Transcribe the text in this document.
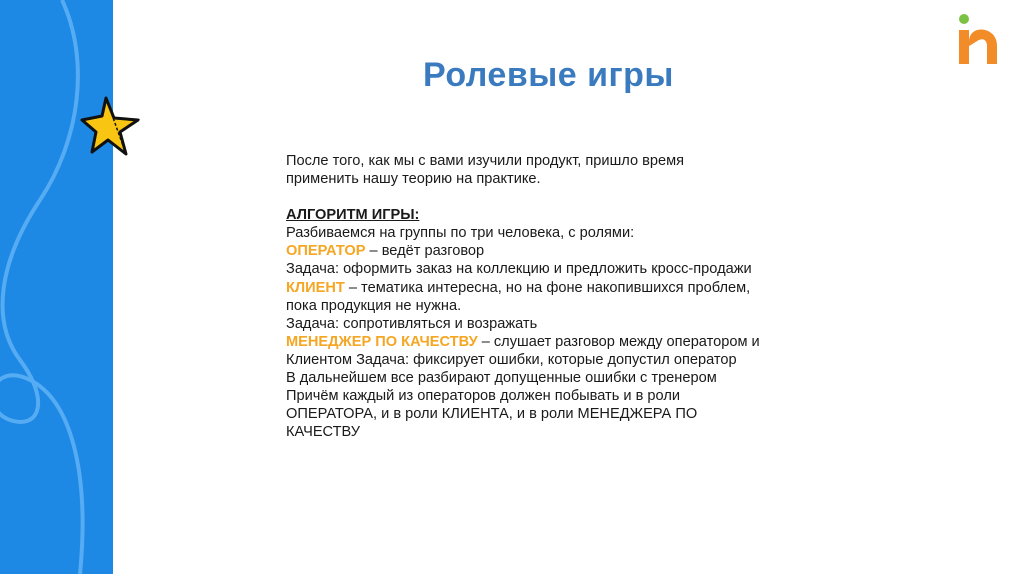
Ролевые игры
После того, как мы с вами изучили продукт, пришло время
применить нашу теорию на практике.
АЛГОРИТМ ИГРЫ:
Разбиваемся на группы по три человека, с ролями:
ОПЕРАТОР – ведёт разговор
Задача: оформить заказ на коллекцию и предложить кросс-продажи
КЛИЕНТ – тематика интересна, но на фоне накопившихся проблем,
пока продукция не нужна.
Задача: сопротивляться и возражать
МЕНЕДЖЕР ПО КАЧЕСТВУ – слушает разговор между оператором и
Клиентом Задача: фиксирует ошибки, которые допустил оператор
В дальнейшем все разбирают допущенные ошибки с тренером
Причём каждый из операторов должен побывать и в роли
ОПЕРАТОРА, и в роли КЛИЕНТА, и в роли МЕНЕДЖЕРА ПО
КАЧЕСТВУ
